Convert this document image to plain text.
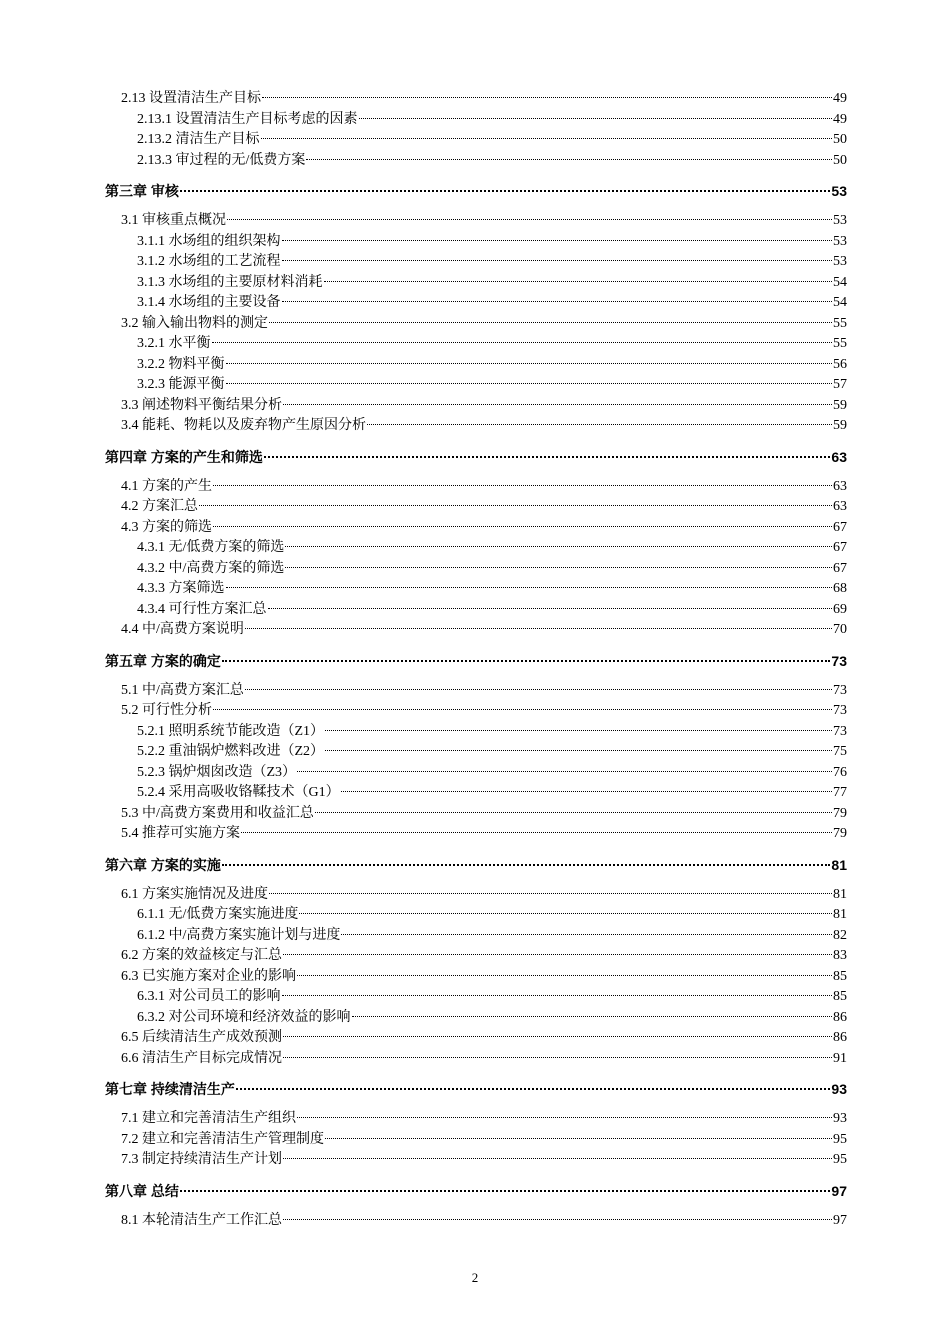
2.13 设置清洁生产目标	49
2.13.1 设置清洁生产目标考虑的因素	49
2.13.2 清洁生产目标	50
2.13.3 审过程的无/低费方案	50
第三章 审核	53
3.1 审核重点概况	53
3.1.1 水场组的组织架构	53
3.1.2 水场组的工艺流程	53
3.1.3 水场组的主要原材料消耗	54
3.1.4 水场组的主要设备	54
3.2 输入输出物料的测定	55
3.2.1 水平衡	55
3.2.2 物料平衡	56
3.2.3 能源平衡	57
3.3 阐述物料平衡结果分析	59
3.4 能耗、物耗以及废弃物产生原因分析	59
第四章 方案的产生和筛选	63
4.1 方案的产生	63
4.2 方案汇总	63
4.3 方案的筛选	67
4.3.1 无/低费方案的筛选	67
4.3.2 中/高费方案的筛选	67
4.3.3 方案筛选	68
4.3.4 可行性方案汇总	69
4.4 中/高费方案说明	70
第五章 方案的确定	73
5.1 中/高费方案汇总	73
5.2 可行性分析	73
5.2.1 照明系统节能改造（Z1）	73
5.2.2 重油锅炉燃料改进（Z2）	75
5.2.3 锅炉烟囱改造（Z3）	76
5.2.4 采用高吸收铬鞣技术（G1）	77
5.3 中/高费方案费用和收益汇总	79
5.4 推荐可实施方案	79
第六章 方案的实施	81
6.1 方案实施情况及进度	81
6.1.1 无/低费方案实施进度	81
6.1.2 中/高费方案实施计划与进度	82
6.2 方案的效益核定与汇总	83
6.3 已实施方案对企业的影响	85
6.3.1 对公司员工的影响	85
6.3.2 对公司环境和经济效益的影响	86
6.5 后续清洁生产成效预测	86
6.6 清洁生产目标完成情况	91
第七章 持续清洁生产	93
7.1 建立和完善清洁生产组织	93
7.2 建立和完善清洁生产管理制度	95
7.3 制定持续清洁生产计划	95
第八章 总结	97
8.1 本轮清洁生产工作汇总	97
2
